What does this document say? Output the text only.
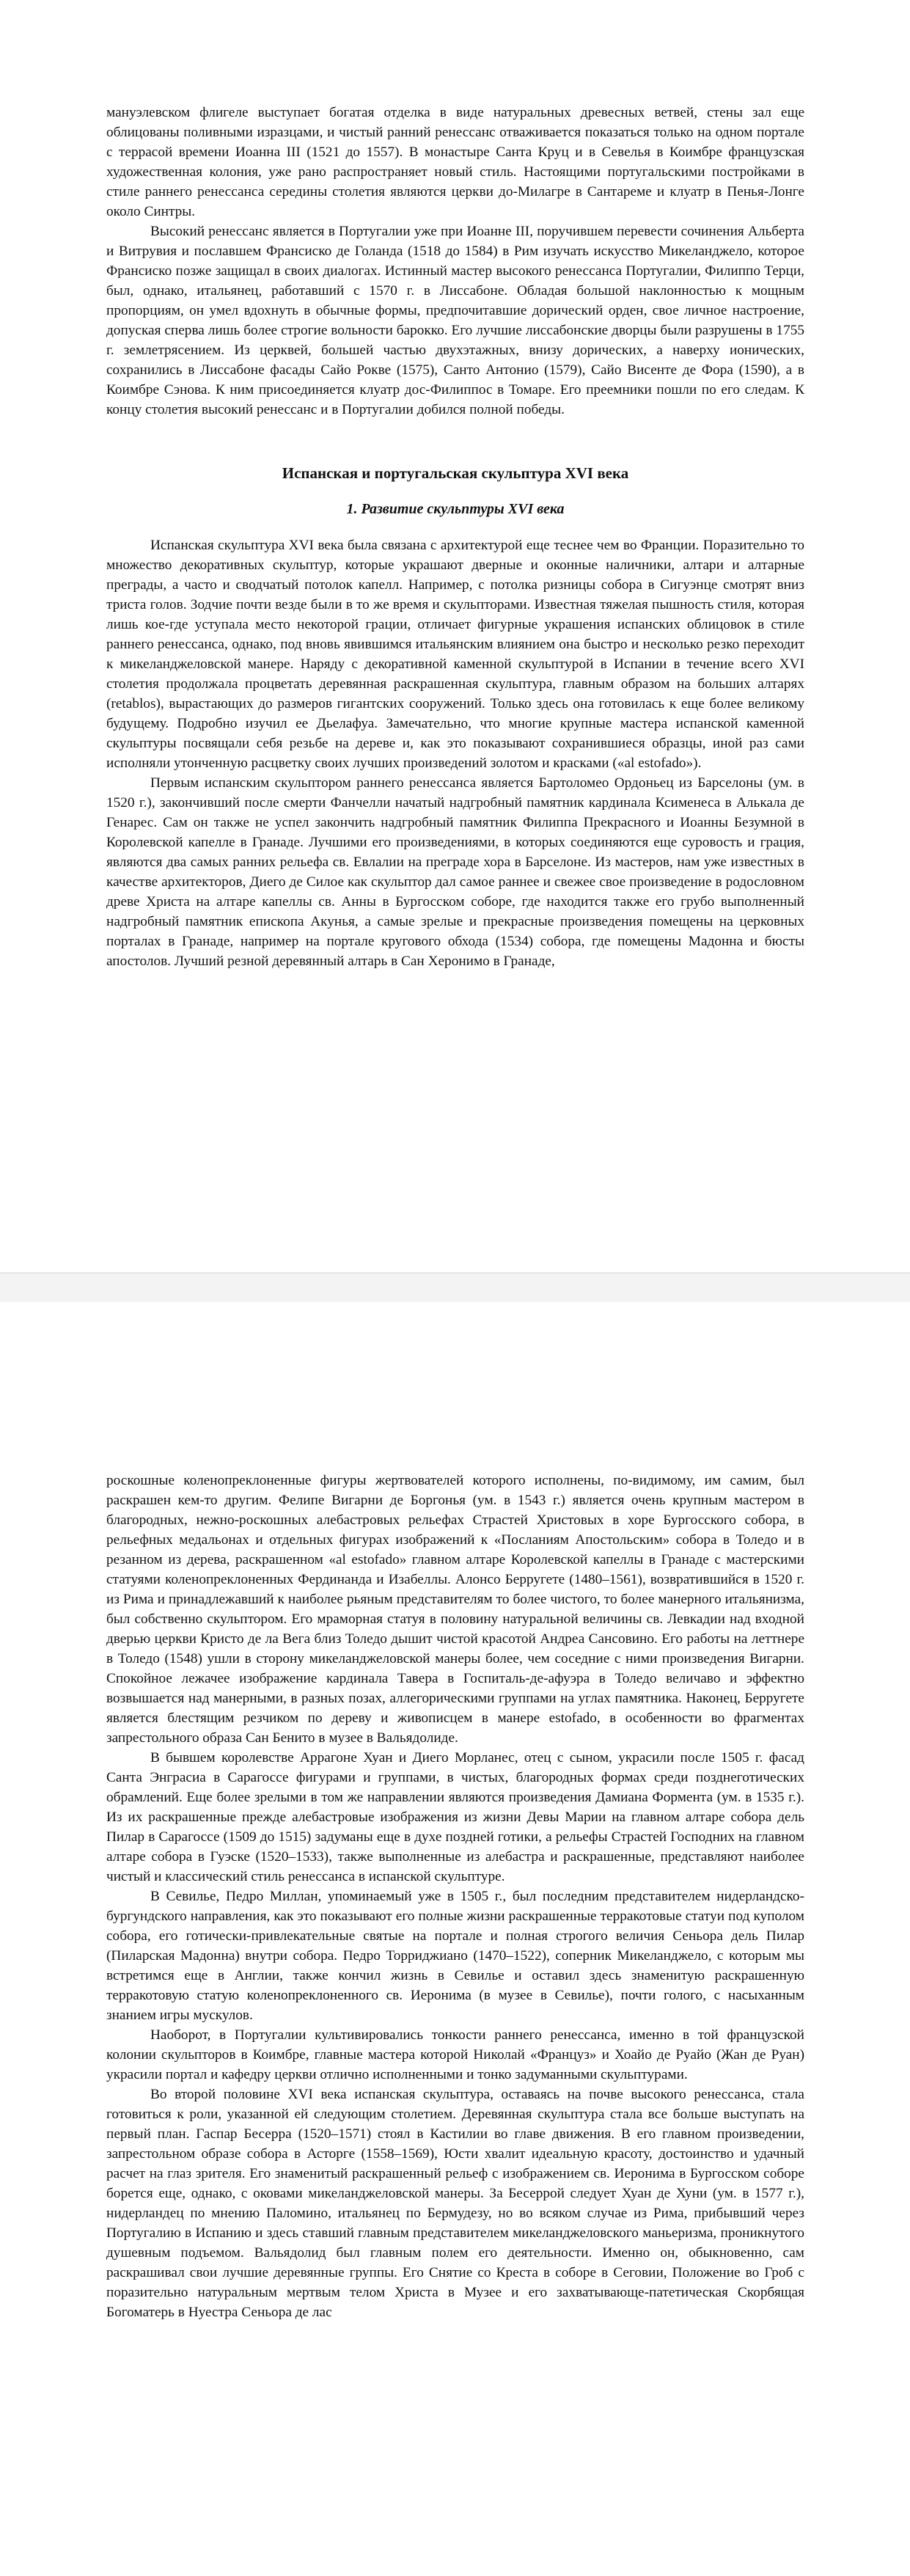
мануэлевском флигеле выступает богатая отделка в виде натуральных древесных ветвей, стены зал еще облицованы поливными изразцами, и чистый ранний ренессанс отваживается показаться только на одном портале с террасой времени Иоанна III (1521 до 1557). В монастыре Санта Круц и в Севелья в Коимбре французская художественная колония, уже рано распространяет новый стиль. Настоящими португальскими постройками в стиле раннего ренессанса середины столетия являются церкви до-Милагре в Сантареме и клуатр в Пенья-Лонге около Синтры.

Высокий ренессанс является в Португалии уже при Иоанне III, поручившем перевести сочинения Альберта и Витрувия и пославшем Франсиско де Голанда (1518 до 1584) в Рим изучать искусство Микеланджело, которое Франсиско позже защищал в своих диалогах. Истинный мастер высокого ренессанса Португалии, Филиппо Терци, был, однако, итальянец, работавший с 1570 г. в Лиссабоне. Обладая большой наклонностью к мощным пропорциям, он умел вдохнуть в обычные формы, предпочитавшие дорический орден, свое личное настроение, допуская сперва лишь более строгие вольности барокко. Его лучшие лиссабонские дворцы были разрушены в 1755 г. землетрясением. Из церквей, большей частью двухэтажных, внизу дорических, а наверху ионических, сохранились в Лиссабоне фасады Сайо Рокве (1575), Санто Антонио (1579), Сайо Висенте де Фора (1590), а в Коимбре Сэнова. К ним присоединяется клуатр дос-Филиппос в Томаре. Его преемники пошли по его следам. К концу столетия высокий ренессанс и в Португалии добился полной победы.

Испанская и португальская скульптура XVI века
1. Развитие скульптуры XVI века

Испанская скульптура XVI века была связана с архитектурой еще теснее чем во Франции. Поразительно то множество декоративных скульптур, которые украшают дверные и оконные наличники, алтари и алтарные преграды, а часто и сводчатый потолок капелл. Например, с потолка ризницы собора в Сигуэнце смотрят вниз триста голов. Зодчие почти везде были в то же время и скульпторами. Известная тяжелая пышность стиля, которая лишь кое-где уступала место некоторой грации, отличает фигурные украшения испанских облицовок в стиле раннего ренессанса, однако, под вновь явившимся итальянским влиянием она быстро и несколько резко переходит к микеланджеловской манере. Наряду с декоративной каменной скульптурой в Испании в течение всего XVI столетия продолжала процветать деревянная раскрашенная скульптура, главным образом на больших алтарях (retablos), вырастающих до размеров гигантских сооружений. Только здесь она готовилась к еще более великому будущему. Подробно изучил ее Дьелафуа. Замечательно, что многие крупные мастера испанской каменной скульптуры посвящали себя резьбе на дереве и, как это показывают сохранившиеся образцы, иной раз сами исполняли утонченную расцветку своих лучших произведений золотом и красками («al estofado»).

Первым испанским скульптором раннего ренессанса является Бартоломео Ордоньец из Барселоны (ум. в 1520 г.), закончивший после смерти Фанчелли начатый надгробный памятник кардинала Ксименеса в Алькала де Генарес. Сам он также не успел закончить надгробный памятник Филиппа Прекрасного и Иоанны Безумной в Королевской капелле в Гранаде. Лучшими его произведениями, в которых соединяются еще суровость и грация, являются два самых ранних рельефа св. Евлалии на преграде хора в Барселоне. Из мастеров, нам уже известных в качестве архитекторов, Диего де Силое как скульптор дал самое раннее и свежее свое произведение в родословном древе Христа на алтаре капеллы св. Анны в Бургосском соборе, где находится также его грубо выполненный надгробный памятник епископа Акунья, а самые зрелые и прекрасные произведения помещены на церковных порталах в Гранаде, например на портале кругового обхода (1534) собора, где помещены Мадонна и бюсты апостолов. Лучший резной деревянный алтарь в Сан Херонимо в Гранаде,

роскошные коленопреклоненные фигуры жертвователей которого исполнены, по-видимому, им самим, был раскрашен кем-то другим. Фелипе Вигарни де Боргонья (ум. в 1543 г.) является очень крупным мастером в благородных, нежно-роскошных алебастровых рельефах Страстей Христовых в хоре Бургосского собора, в рельефных медальонах и отдельных фигурах изображений к «Посланиям Апостольским» собора в Толедо и в резанном из дерева, раскрашенном «al estofado» главном алтаре Королевской капеллы в Гранаде с мастерскими статуями коленопреклоненных Фердинанда и Изабеллы. Алонсо Берругете (1480–1561), возвратившийся в 1520 г. из Рима и принадлежавший к наиболее рьяным представителям то более чистого, то более манерного итальянизма, был собственно скульптором. Его мраморная статуя в половину натуральной величины св. Левкадии над входной дверью церкви Кристо де ла Вега близ Толедо дышит чистой красотой Андреа Сансовино. Его работы на леттнере в Толедо (1548) ушли в сторону микеланджеловской манеры более, чем соседние с ними произведения Вигарни. Спокойное лежачее изображение кардинала Тавера в Госпиталь-де-афуэра в Толедо величаво и эффектно возвышается над манерными, в разных позах, аллегорическими группами на углах памятника. Наконец, Берругете является блестящим резчиком по дереву и живописцем в манере estofado, в особенности во фрагментах запрестольного образа Сан Бенито в музее в Вальядолиде.

В бывшем королевстве Аррагоне Хуан и Диего Морланес, отец с сыном, украсили после 1505 г. фасад Санта Энграсиа в Сарагоссе фигурами и группами, в чистых, благородных формах среди позднеготических обрамлений. Еще более зрелыми в том же направлении являются произведения Дамиана Формента (ум. в 1535 г.). Из их раскрашенные прежде алебастровые изображения из жизни Девы Марии на главном алтаре собора дель Пилар в Сарагоссе (1509 до 1515) задуманы еще в духе поздней готики, а рельефы Страстей Господних на главном алтаре собора в Гуэске (1520–1533), также выполненные из алебастра и раскрашенные, представляют наиболее чистый и классический стиль ренессанса в испанской скульптуре.

В Севилье, Педро Миллан, упоминаемый уже в 1505 г., был последним представителем нидерландско-бургундского направления, как это показывают его полные жизни раскрашенные терракотовые статуи под куполом собора, его готически-привлекательные святые на портале и полная строгого величия Сеньора дель Пилар (Пиларская Мадонна) внутри собора. Педро Торриджиано (1470–1522), соперник Микеланджело, с которым мы встретимся еще в Англии, также кончил жизнь в Севилье и оставил здесь знаменитую раскрашенную терракотовую статую коленопреклоненного св. Иеронима (в музее в Севилье), почти голого, с насыханным знанием игры мускулов.

Наоборот, в Португалии культивировались тонкости раннего ренессанса, именно в той французской колонии скульпторов в Коимбре, главные мастера которой Николай «Француз» и Хоайо де Руайо (Жан де Руан) украсили портал и кафедру церкви отлично исполненными и тонко задуманными скульптурами.

Во второй половине XVI века испанская скульптура, оставаясь на почве высокого ренессанса, стала готовиться к роли, указанной ей следующим столетием. Деревянная скульптура стала все больше выступать на первый план. Гаспар Бесерра (1520–1571) стоял в Кастилии во главе движения. В его главном произведении, запрестольном образе собора в Асторге (1558–1569), Юсти хвалит идеальную красоту, достоинство и удачный расчет на глаз зрителя. Его знаменитый раскрашенный рельеф с изображением св. Иеронима в Бургосском соборе борется еще, однако, с оковами микеланджеловской манеры. За Бесеррой следует Хуан де Хуни (ум. в 1577 г.), нидерландец по мнению Паломино, итальянец по Бермудезу, но во всяком случае из Рима, прибывший через Португалию в Испанию и здесь ставший главным представителем микеланджеловского маньеризма, проникнутого душевным подъемом. Вальядолид был главным полем его деятельности. Именно он, обыкновенно, сам раскрашивал свои лучшие деревянные группы. Его Снятие со Креста в соборе в Сеговии, Положение во Гроб с поразительно натуральным мертвым телом Христа в Музее и его захватывающе-патетическая Скорбящая Богоматерь в Нуестра Сеньора де лас
